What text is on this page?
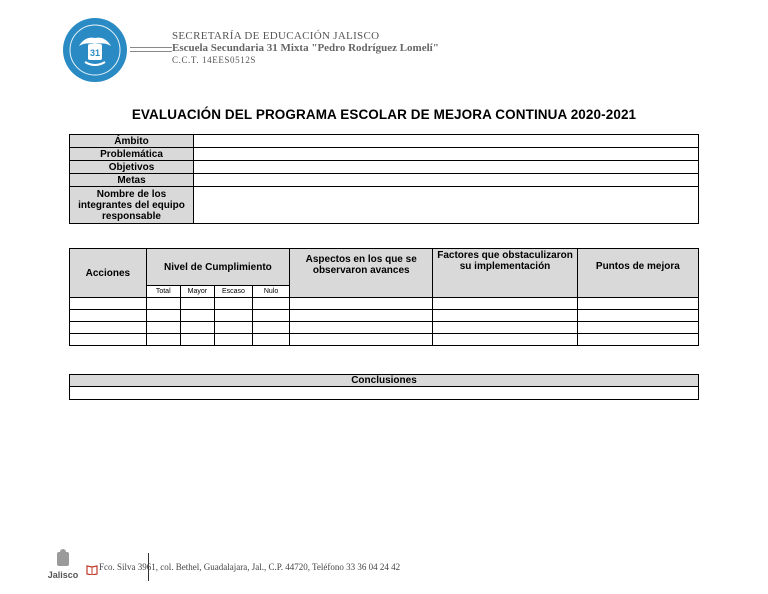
31
SECRETARÍA DE EDUCACIÓN JALISCO
Escuela Secundaria 31 Mixta "Pedro Rodríguez Lomelí"
C.C.T. 14EES0512S
EVALUACIÓN DEL PROGRAMA ESCOLAR DE MEJORA CONTINUA 2020-2021
Ámbito	
Problemática	
Objetivos	
Metas	
Nombre de los integrantes del equipo responsable	
Acciones	Nivel de Cumplimiento				Aspectos en los que se observaron avances	Factores que obstaculizaron su implementación	Puntos de mejora
	Total	Mayor	Escaso	Nulo			

Conclusiones

Jalisco
Fco. Silva 3961, col. Bethel, Guadalajara, Jal., C.P. 44720, Teléfono 33 36 04 24 42
